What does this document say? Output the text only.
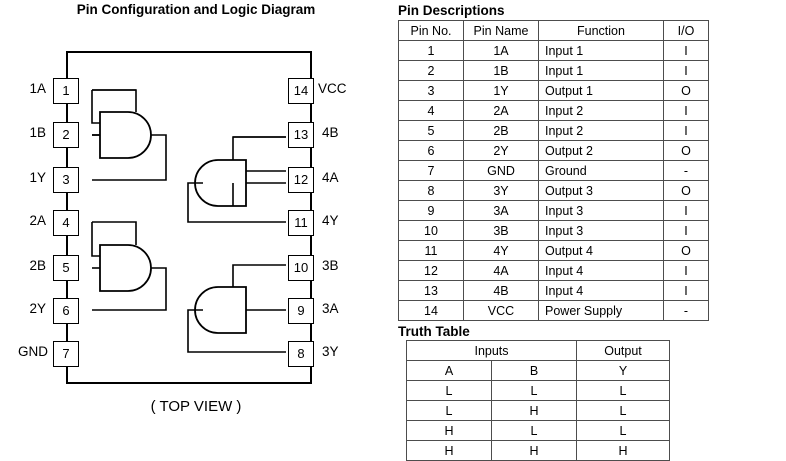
Pin Configuration and Logic Diagram
1
1A
2
1B
3
1Y
4
2A
5
2B
6
2Y
7
GND
14 VCC
13	4B
12	4A
11	4Y
10	3B
9	3A
8	3Y
( TOP VIEW )
Pin Descriptions
Pin No.	Pin Name	Function	I/O
1	1A	Input 1	I
2	1B	Input 1	I
3	1Y	Output 1	O
4	2A	Input 2	I
5	2B	Input 2	I
6	2Y	Output 2	O
7	GND	Ground	-
8	3Y	Output 3	O
9	3A	Input 3	I
10	3B	Input 3	I
11	4Y	Output 4	O
12	4A	Input 4	I
13	4B	Input 4	I
14	VCC	Power Supply	-
Truth Table
Inputs		Output
A	B	Y
L	L	L
L	H	L
H	L	L
H	H	H
